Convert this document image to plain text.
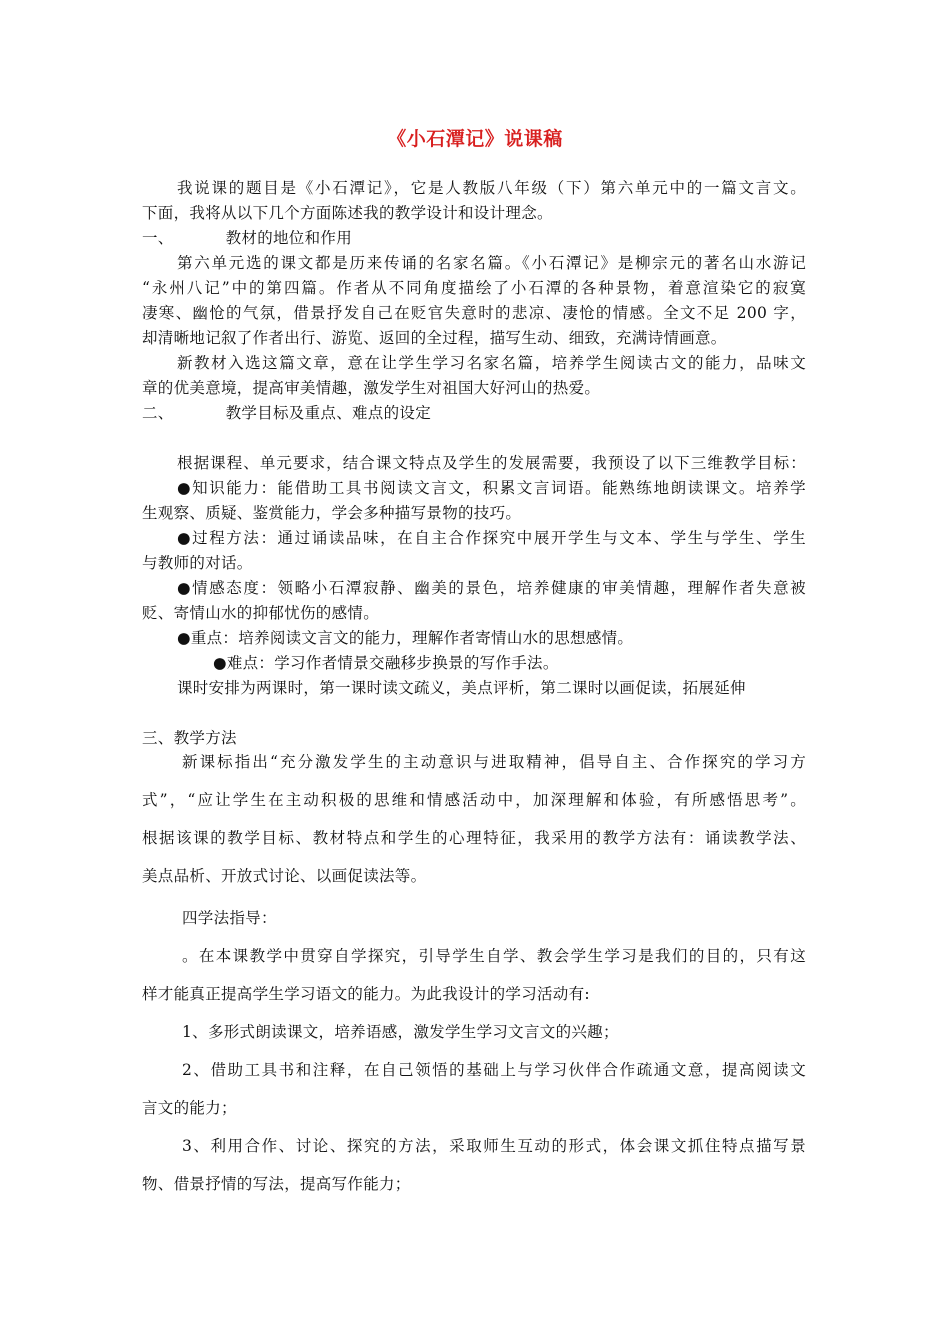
《小石潭记》说课稿
我说课的题目是《小石潭记》，它是人教版八年级（下）第六单元中的一篇文言文。
下面，我将从以下几个方面陈述我的教学设计和设计理念。
一、	教材的地位和作用
第六单元选的课文都是历来传诵的名家名篇。《小石潭记》是柳宗元的著名山水游记
“永州八记”中的第四篇。作者从不同角度描绘了小石潭的各种景物，着意渲染它的寂寞
凄寒、幽怆的气氛，借景抒发自己在贬官失意时的悲凉、凄怆的情感。全文不足 200 字，
却清晰地记叙了作者出行、游览、返回的全过程，描写生动、细致，充满诗情画意。
新教材入选这篇文章，意在让学生学习名家名篇，培养学生阅读古文的能力，品味文
章的优美意境，提高审美情趣，激发学生对祖国大好河山的热爱。
二、	教学目标及重点、难点的设定
根据课程、单元要求，结合课文特点及学生的发展需要，我预设了以下三维教学目标：
●知识能力：能借助工具书阅读文言文，积累文言词语。能熟练地朗读课文。培养学
生观察、质疑、鉴赏能力，学会多种描写景物的技巧。
●过程方法：通过诵读品味，在自主合作探究中展开学生与文本、学生与学生、学生
与教师的对话。
●情感态度：领略小石潭寂静、幽美的景色，培养健康的审美情趣，理解作者失意被
贬、寄情山水的抑郁忧伤的感情。
●重点：培养阅读文言文的能力，理解作者寄情山水的思想感情。
●难点：学习作者情景交融移步换景的写作手法。
课时安排为两课时，第一课时读文疏义，美点评析，第二课时以画促读，拓展延伸
三、教学方法
新课标指出“充分激发学生的主动意识与进取精神，倡导自主、合作探究的学习方
式”，“应让学生在主动积极的思维和情感活动中，加深理解和体验，有所感悟思考”。
根据该课的教学目标、教材特点和学生的心理特征，我采用的教学方法有：诵读教学法、
美点品析、开放式讨论、以画促读法等。
四学法指导：
。在本课教学中贯穿自学探究，引导学生自学、教会学生学习是我们的目的，只有这
样才能真正提高学生学习语文的能力。为此我设计的学习活动有:
1、多形式朗读课文，培养语感，激发学生学习文言文的兴趣；
2、借助工具书和注释，在自己领悟的基础上与学习伙伴合作疏通文意，提高阅读文
言文的能力；
3、利用合作、讨论、探究的方法，采取师生互动的形式，体会课文抓住特点描写景
物、借景抒情的写法，提高写作能力；
